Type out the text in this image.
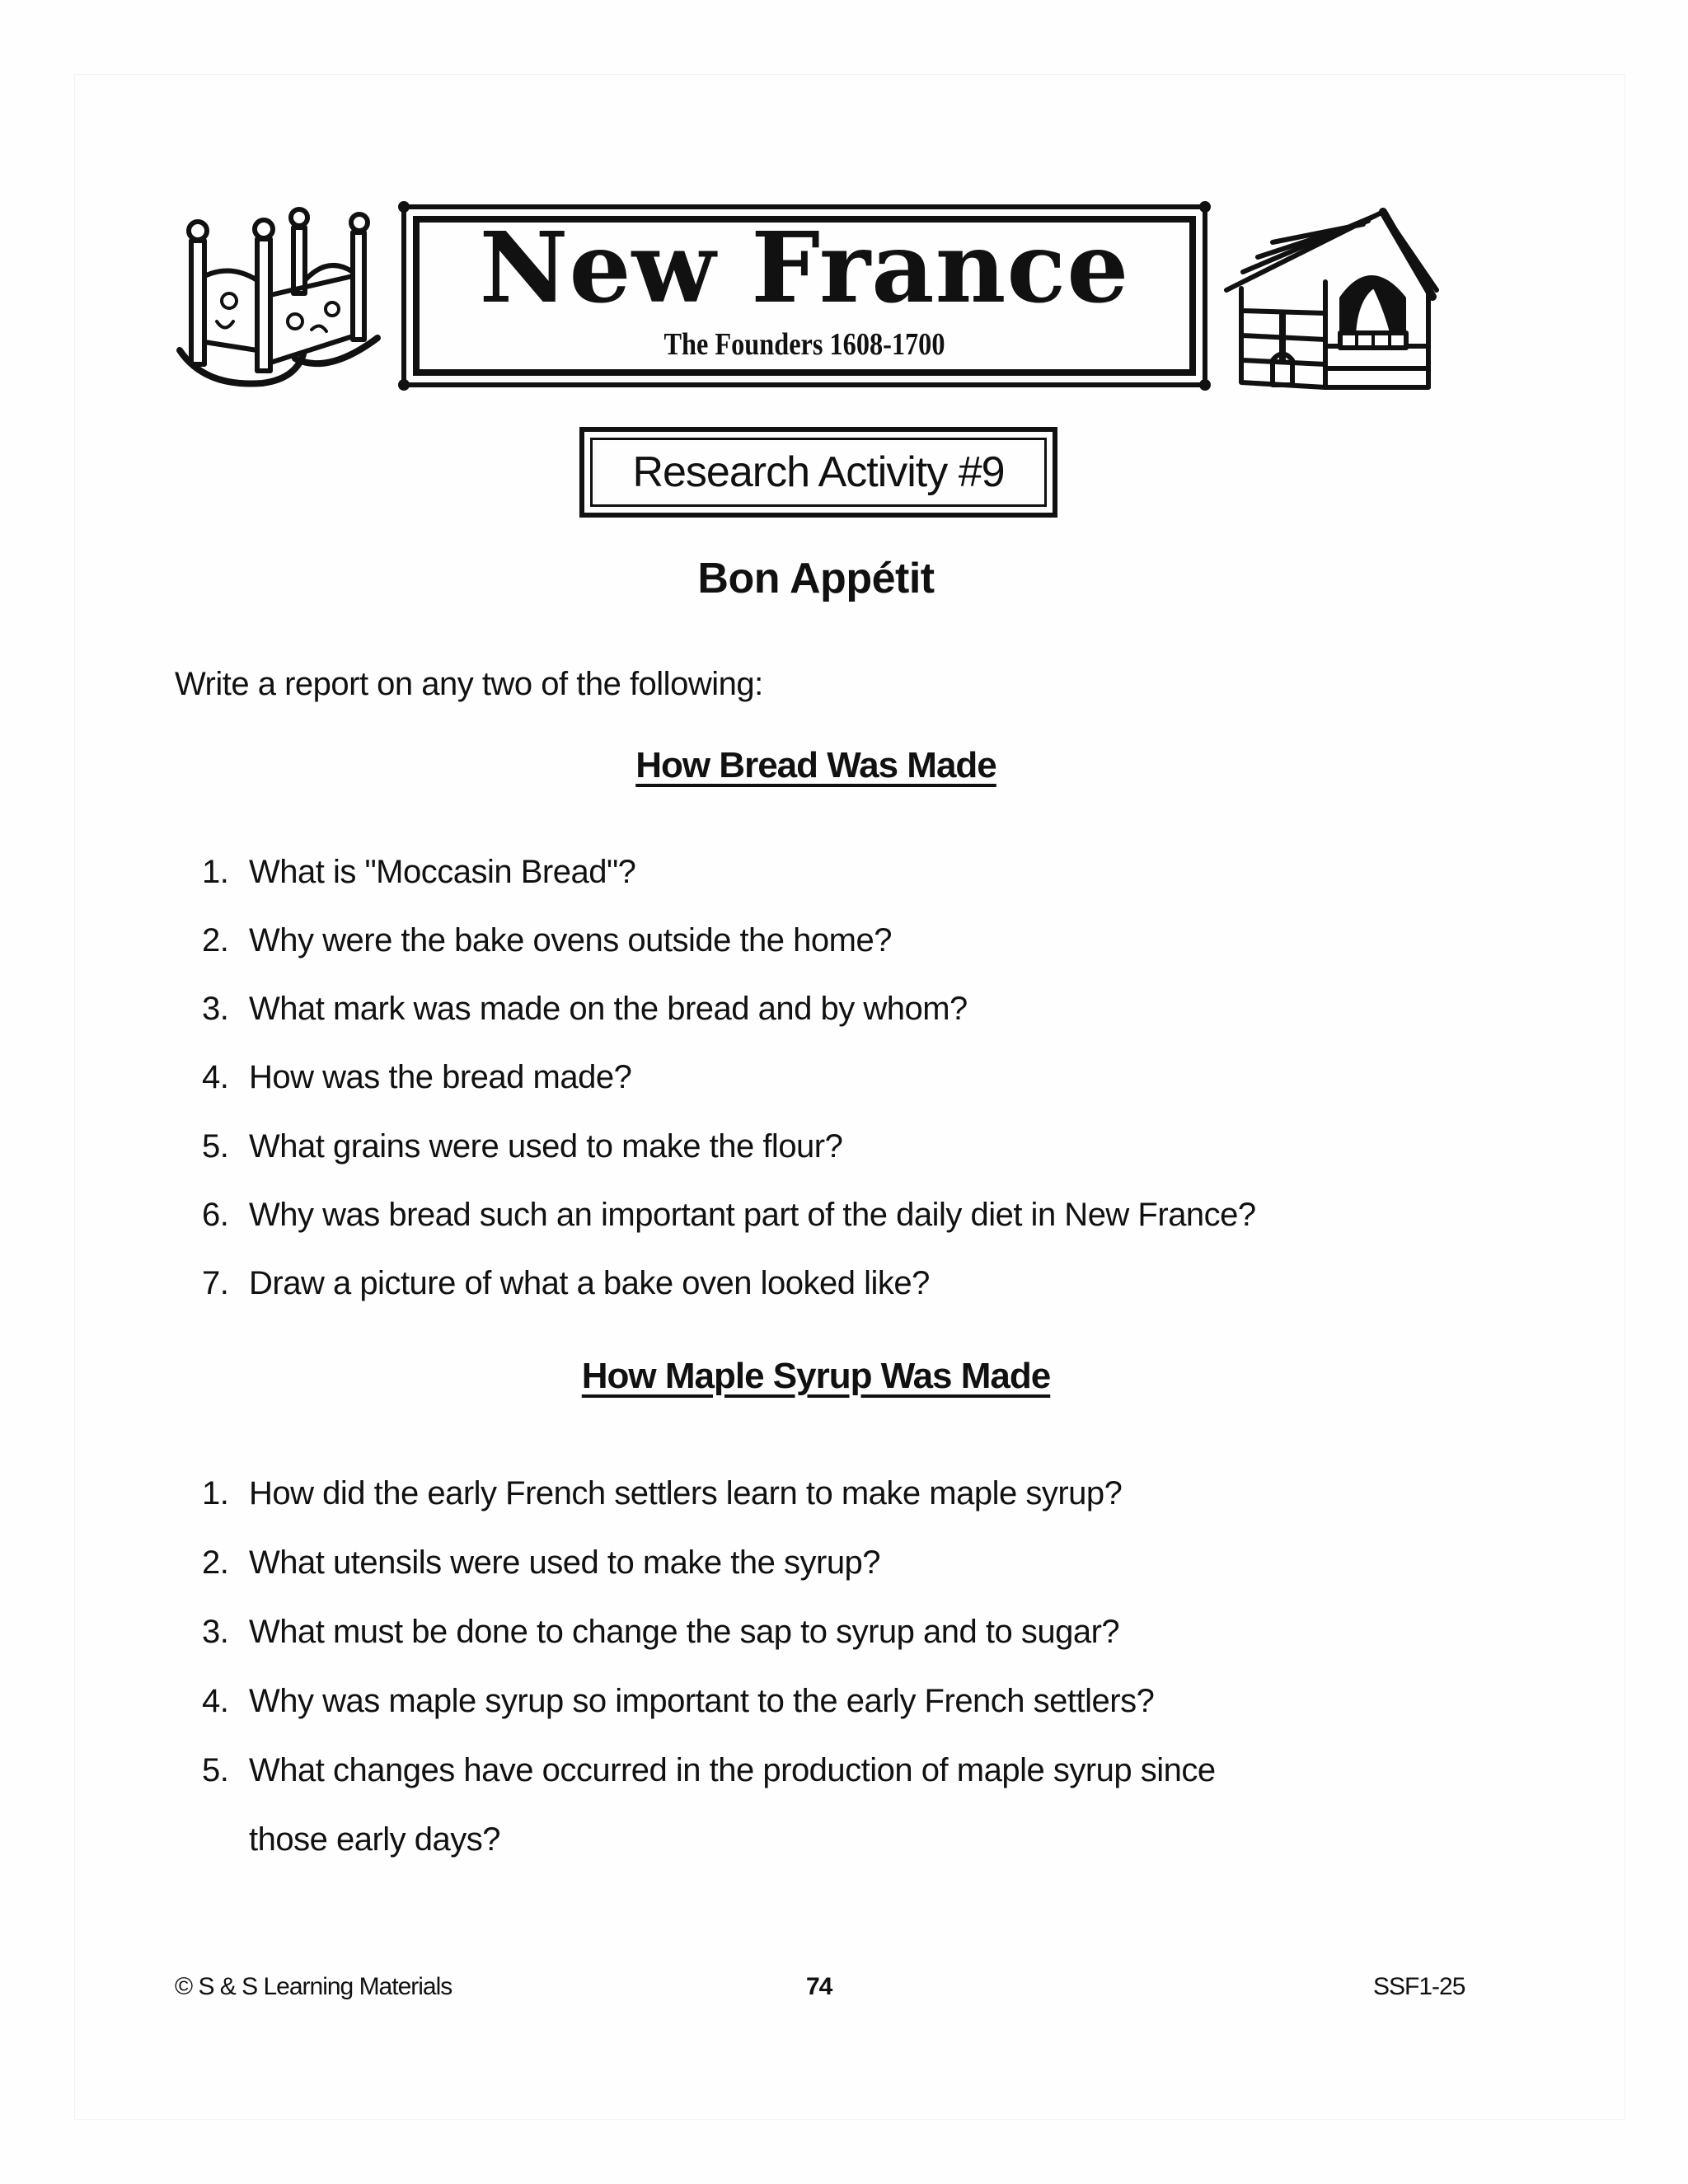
New France
The Founders 1608-1700
Research Activity #9
Bon Appétit
Write a report on any two of the following:
How Bread Was Made
1. What is "Moccasin Bread"?
2. Why were the bake ovens outside the home?
3. What mark was made on the bread and by whom?
4. How was the bread made?
5. What grains were used to make the flour?
6. Why was bread such an important part of the daily diet in New France?
7. Draw a picture of what a bake oven looked like?
How Maple Syrup Was Made
1. How did the early French settlers learn to make maple syrup?
2. What utensils were used to make the syrup?
3. What must be done to change the sap to syrup and to sugar?
4. Why was maple syrup so important to the early French settlers?
5. What changes have occurred in the production of maple syrup since
those early days?
© S & S Learning Materials	74	SSF1-25
